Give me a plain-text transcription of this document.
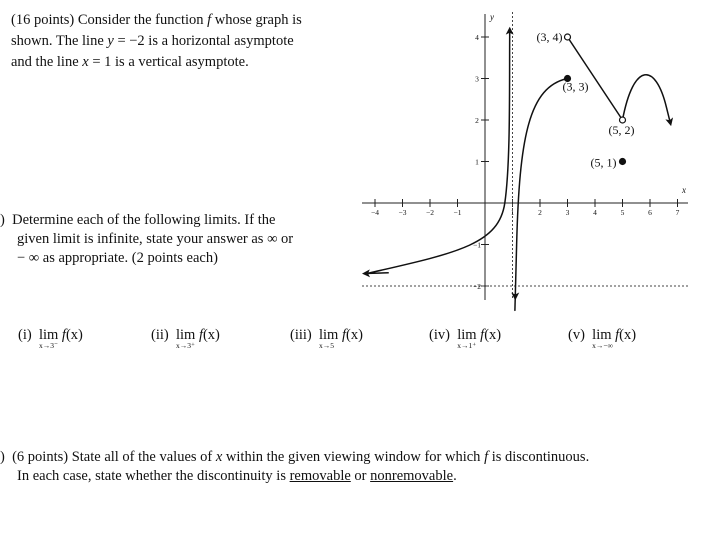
(16 points) Consider the function f whose graph is
shown. The line y = −2 is a horizontal asymptote
and the line x = 1 is a vertical asymptote.
) Determine each of the following limits. If the
given limit is infinite, state your answer as ∞ or
− ∞ as appropriate. (2 points each)
(i) lim
x→3⁻
f(x)	(ii) lim
x→3⁺
f(x)	(iii) lim
x→5
f(x)	(iv) lim
x→1⁺
f(x)	(v) lim
x→−∞
f(x)
) (6 points) State all of the values of x within the given viewing window for which f is discontinuous.
In each case, state whether the discontinuity is removable or nonremovable.
x
y
−4	−3	−2	−1	1	2	3	4	5	6	7
1
2
3
4
−1
−2
(3, 4)
(3, 3)
(5, 2)
(5, 1)
